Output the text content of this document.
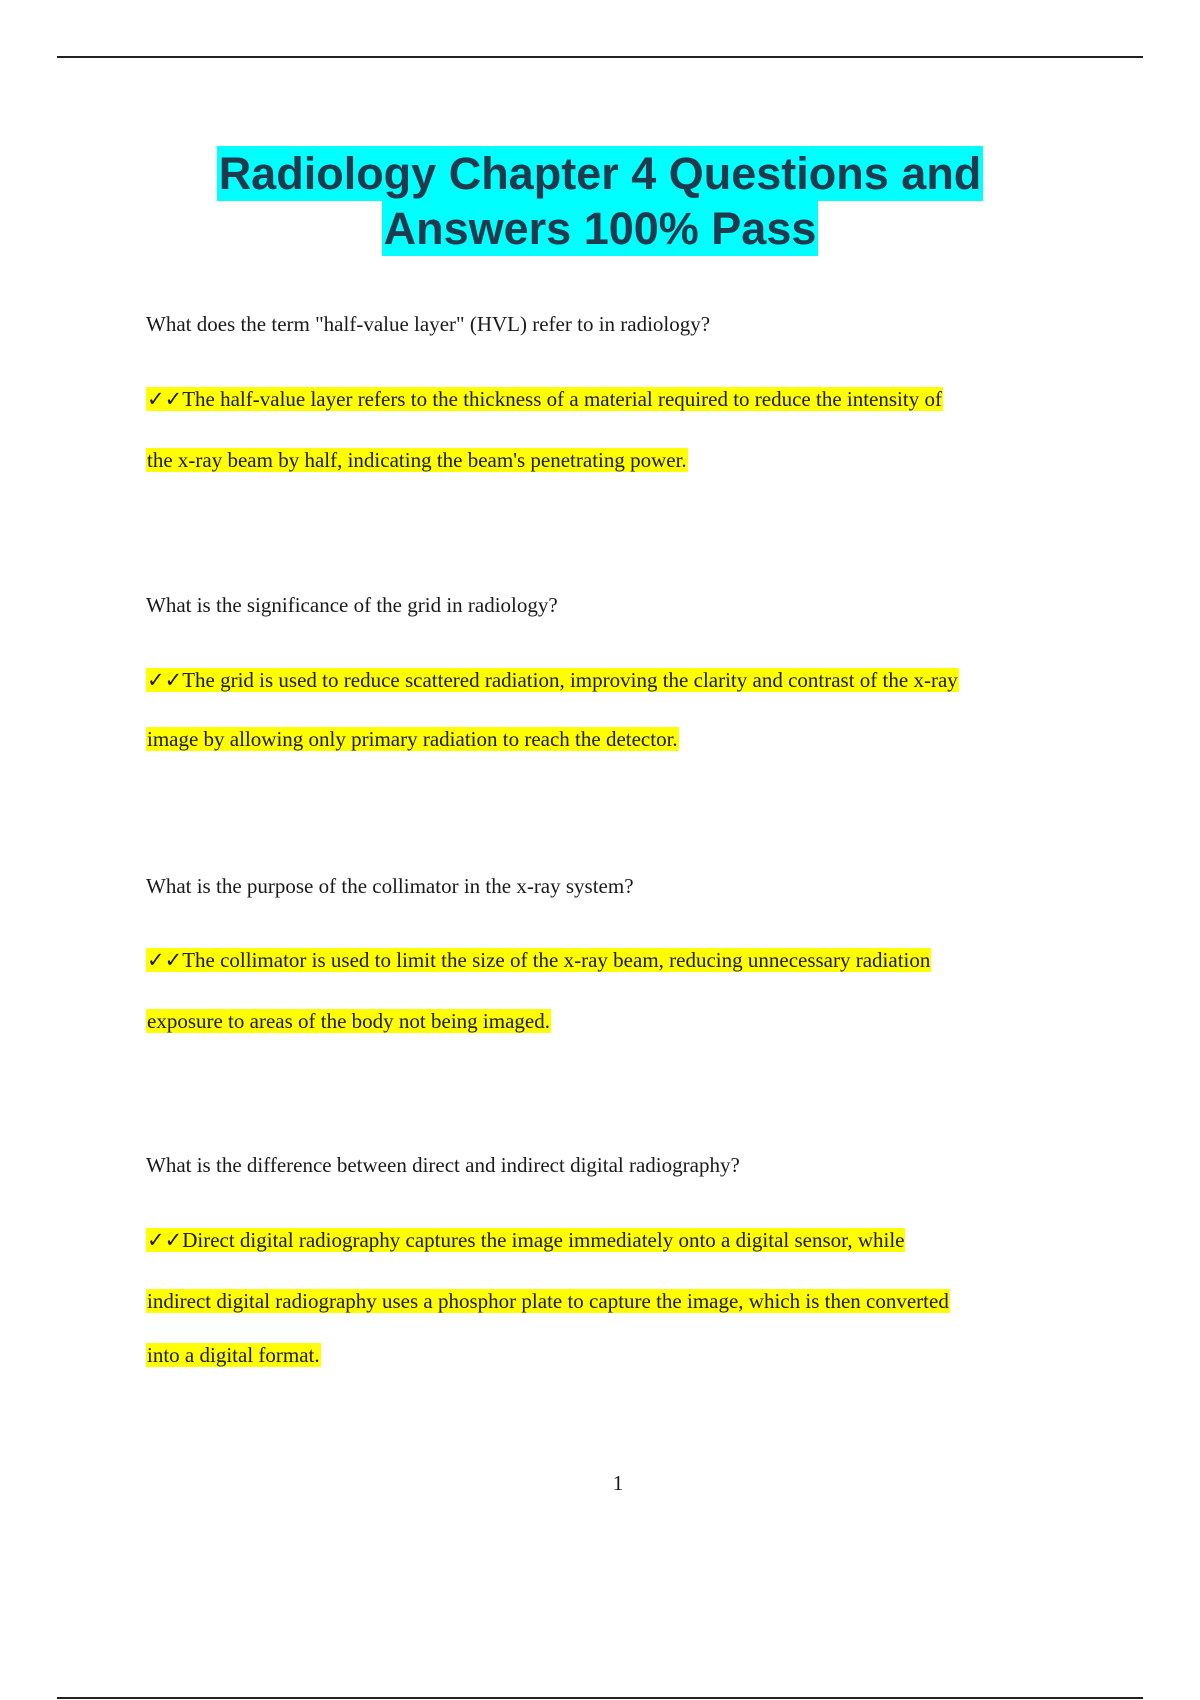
Radiology Chapter 4 Questions and
Answers 100% Pass
What does the term "half-value layer" (HVL) refer to in radiology?
✓✓The half-value layer refers to the thickness of a material required to reduce the intensity of
the x-ray beam by half, indicating the beam's penetrating power.
What is the significance of the grid in radiology?
✓✓The grid is used to reduce scattered radiation, improving the clarity and contrast of the x-ray
image by allowing only primary radiation to reach the detector.
What is the purpose of the collimator in the x-ray system?
✓✓The collimator is used to limit the size of the x-ray beam, reducing unnecessary radiation
exposure to areas of the body not being imaged.
What is the difference between direct and indirect digital radiography?
✓✓Direct digital radiography captures the image immediately onto a digital sensor, while
indirect digital radiography uses a phosphor plate to capture the image, which is then converted
into a digital format.
1
